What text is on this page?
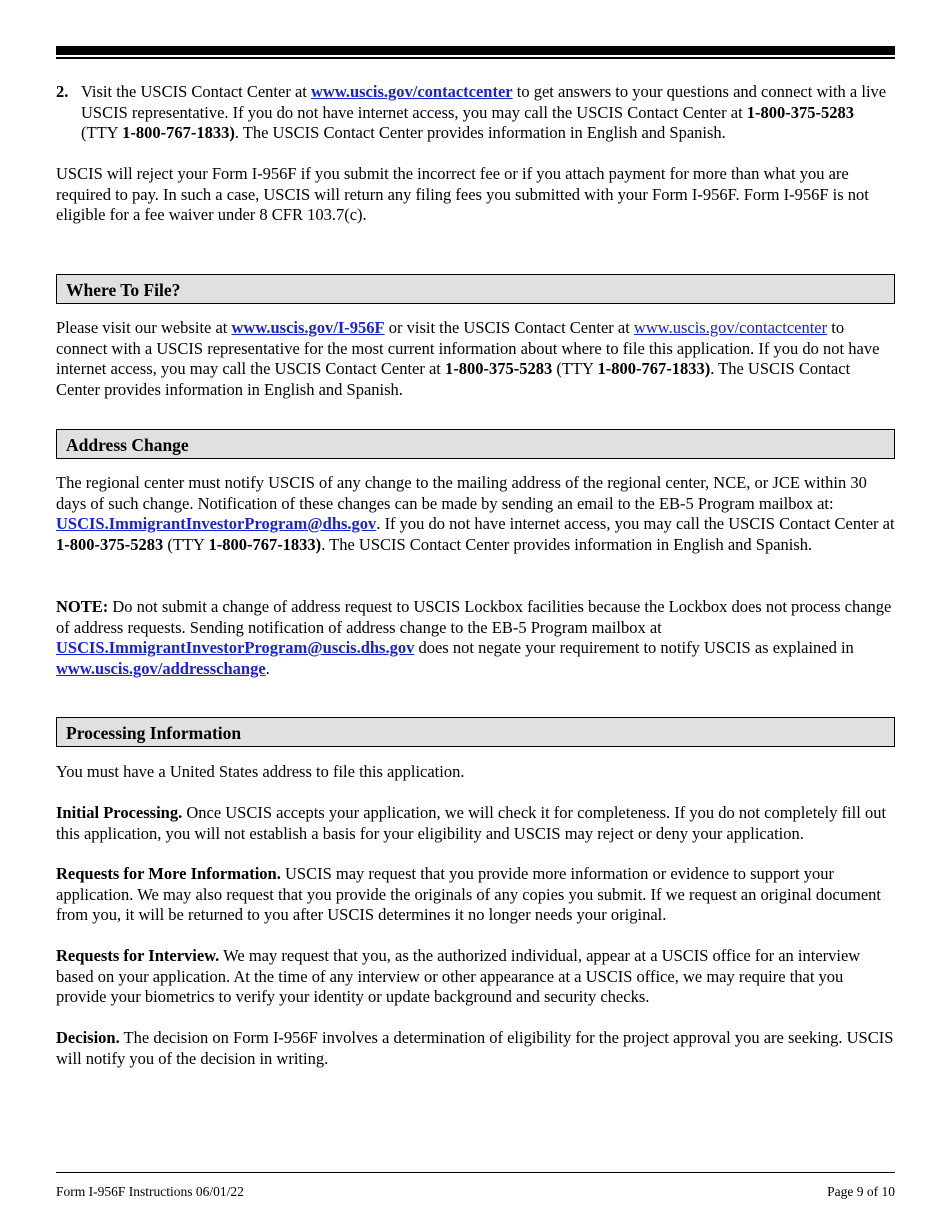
2. Visit the USCIS Contact Center at www.uscis.gov/contactcenter to get answers to your questions and connect with a live USCIS representative. If you do not have internet access, you may call the USCIS Contact Center at 1-800-375-5283 (TTY 1-800-767-1833). The USCIS Contact Center provides information in English and Spanish.

USCIS will reject your Form I-956F if you submit the incorrect fee or if you attach payment for more than what you are required to pay. In such a case, USCIS will return any filing fees you submitted with your Form I-956F. Form I-956F is not eligible for a fee waiver under 8 CFR 103.7(c).

Where To File?

Please visit our website at www.uscis.gov/I-956F or visit the USCIS Contact Center at www.uscis.gov/contactcenter to connect with a USCIS representative for the most current information about where to file this application. If you do not have internet access, you may call the USCIS Contact Center at 1-800-375-5283 (TTY 1-800-767-1833). The USCIS Contact Center provides information in English and Spanish.

Address Change

The regional center must notify USCIS of any change to the mailing address of the regional center, NCE, or JCE within 30 days of such change. Notification of these changes can be made by sending an email to the EB-5 Program mailbox at: USCIS.ImmigrantInvestorProgram@dhs.gov. If you do not have internet access, you may call the USCIS Contact Center at 1-800-375-5283 (TTY 1-800-767-1833). The USCIS Contact Center provides information in English and Spanish.

NOTE: Do not submit a change of address request to USCIS Lockbox facilities because the Lockbox does not process change of address requests. Sending notification of address change to the EB-5 Program mailbox at USCIS.ImmigrantInvestorProgram@uscis.dhs.gov does not negate your requirement to notify USCIS as explained in www.uscis.gov/addresschange.

Processing Information

You must have a United States address to file this application.

Initial Processing. Once USCIS accepts your application, we will check it for completeness. If you do not completely fill out this application, you will not establish a basis for your eligibility and USCIS may reject or deny your application.

Requests for More Information. USCIS may request that you provide more information or evidence to support your application. We may also request that you provide the originals of any copies you submit. If we request an original document from you, it will be returned to you after USCIS determines it no longer needs your original.

Requests for Interview. We may request that you, as the authorized individual, appear at a USCIS office for an interview based on your application. At the time of any interview or other appearance at a USCIS office, we may require that you provide your biometrics to verify your identity or update background and security checks.

Decision. The decision on Form I-956F involves a determination of eligibility for the project approval you are seeking. USCIS will notify you of the decision in writing.

Form I-956F Instructions 06/01/22	Page 9 of 10
